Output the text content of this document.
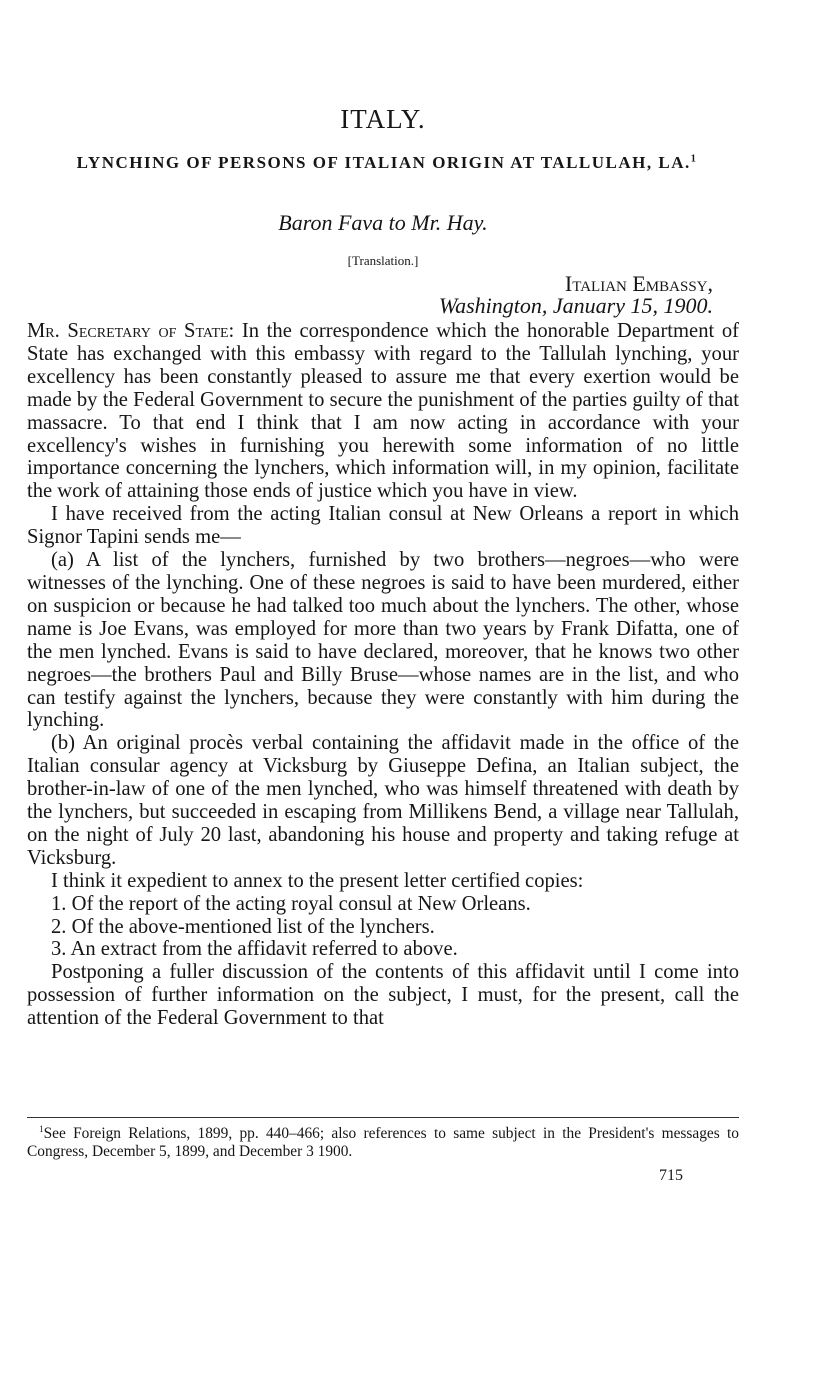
ITALY.
LYNCHING OF PERSONS OF ITALIAN ORIGIN AT TALLULAH, LA.$^1$

Baron Fava to Mr. Hay.

[Translation.]

Italian Embassy,

Washington, January 15, 1900.

Mr. Secretary of State: In the correspondence which the honorable Department of State has exchanged with this embassy with regard to the Tallulah lynching, your excellency has been constantly pleased to assure me that every exertion would be made by the Federal Government to secure the punishment of the parties guilty of that massacre. To that end I think that I am now acting in accordance with your excellency's wishes in furnishing you herewith some information of no little importance concerning the lynchers, which information will, in my opinion, facilitate the work of attaining those ends of justice which you have in view.

I have received from the acting Italian consul at New Orleans a report in which Signor Tapini sends me—

(a) A list of the lynchers, furnished by two brothers—negroes—who were witnesses of the lynching. One of these negroes is said to have been murdered, either on suspicion or because he had talked too much about the lynchers. The other, whose name is Joe Evans, was employed for more than two years by Frank Difatta, one of the men lynched. Evans is said to have declared, moreover, that he knows two other negroes—the brothers Paul and Billy Bruse—whose names are in the list, and who can testify against the lynchers, because they were constantly with him during the lynching.

(b) An original procès verbal containing the affidavit made in the office of the Italian consular agency at Vicksburg by Giuseppe Defina, an Italian subject, the brother-in-law of one of the men lynched, who was himself threatened with death by the lynchers, but succeeded in escaping from Millikens Bend, a village near Tallulah, on the night of July 20 last, abandoning his house and property and taking refuge at Vicksburg.

I think it expedient to annex to the present letter certified copies:

1. Of the report of the acting royal consul at New Orleans.

2. Of the above-mentioned list of the lynchers.

3. An extract from the affidavit referred to above.

Postponing a fuller discussion of the contents of this affidavit until I come into possession of further information on the subject, I must, for the present, call the attention of the Federal Government to that

$^1$See Foreign Relations, 1899, pp. 440–466; also references to same subject in the President's messages to Congress, December 5, 1899, and December 3 1900.

715
